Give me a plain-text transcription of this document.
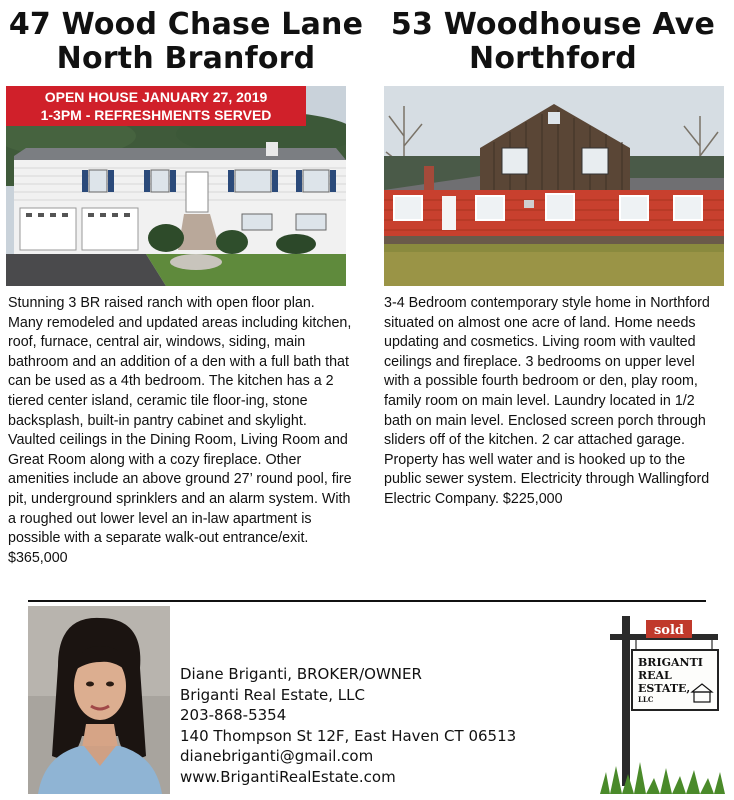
47 Wood Chase Lane
North Branford
OPEN HOUSE JANUARY 27, 2019
1-3PM - REFRESHMENTS SERVED

Stunning 3 BR raised ranch with open floor plan. Many remodeled and updated areas including kitchen, roof, furnace, central air, windows, siding, main bathroom and an addition of a den with a full bath that can be used as a 4th bedroom. The kitchen has a 2 tiered center island, ceramic tile floor-ing, stone backsplash, built-in pantry cabinet and skylight. Vaulted ceilings in the Dining Room, Living Room and Great Room along with a cozy fireplace. Other amenities include an above ground 27’ round pool, fire pit, underground sprinklers and an alarm system. With a roughed out lower level an in-law apartment is possible with a separate walk-out entrance/exit. $365,000

53 Woodhouse Ave
Northford

3-4 Bedroom contemporary style home in Northford situated on almost one acre of land. Home needs updating and cosmetics. Living room with vaulted ceilings and fireplace. 3 bedrooms on upper level with a possible fourth bedroom or den, play room, family room on main level. Laundry located in 1/2 bath on main level. Enclosed screen porch through sliders off of the kitchen. 2 car attached garage. Property has well water and is hooked up to the public sewer system. Electricity through Wallingford Electric Company. $225,000

Diane Briganti, BROKER/OWNER
Briganti Real Estate, LLC
203-868-5354
140 Thompson St 12F, East Haven CT 06513
dianebriganti@gmail.com
www.BrigantiRealEstate.com
sold
BRIGANTI
REAL
ESTATE,
LLC
